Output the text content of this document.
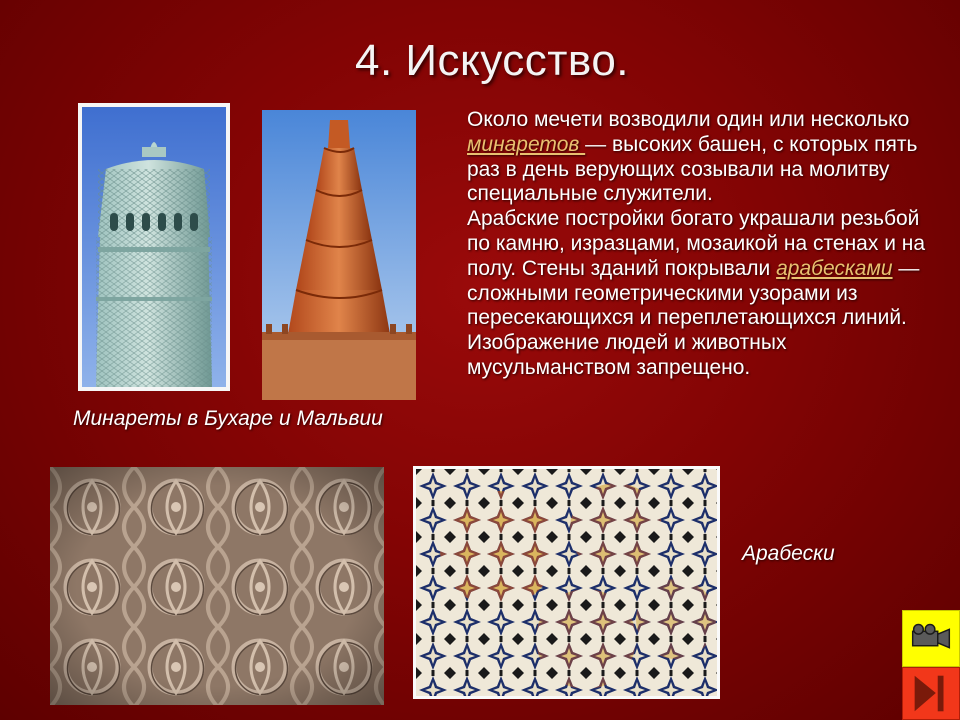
4. Искусство.
Минареты в Бухаре и Мальвии
Арабески

Около мечети возводили один или несколько минаретов — высоких башен, с которых пять раз в день верующих созывали на молитву специальные служители.

Арабские постройки богато украшали резьбой по камню, изразцами, мозаикой на стенах и на полу. Стены зданий покрывали арабесками — сложными геометрическими узорами из пересекающихся и переплетающихся линий. Изображение людей и животных мусульманством запрещено.
